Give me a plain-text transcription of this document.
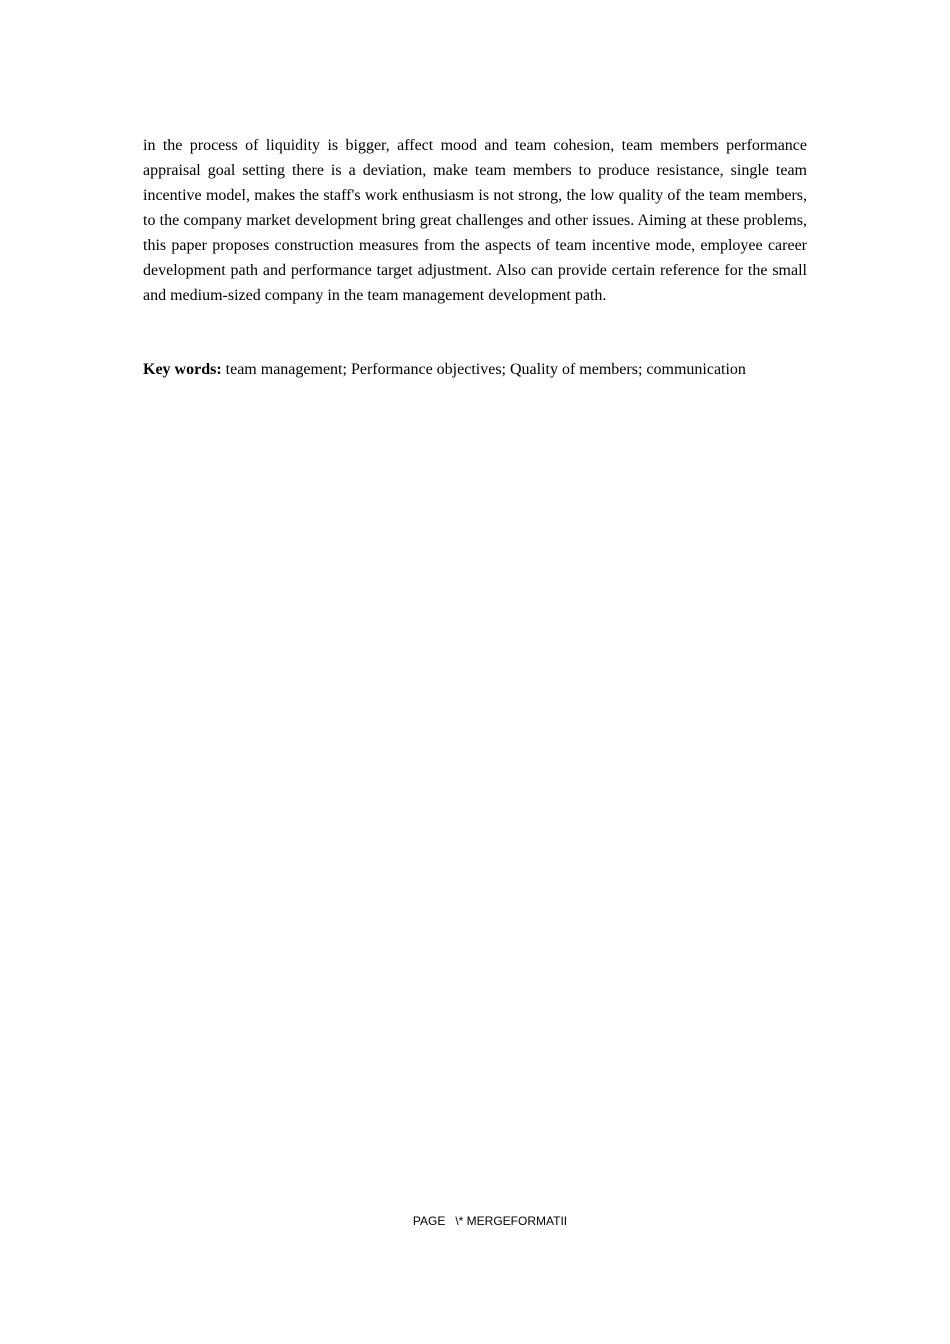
in the process of liquidity is bigger, affect mood and team cohesion, team members performance appraisal goal setting there is a deviation, make team members to produce resistance, single team incentive model, makes the staff's work enthusiasm is not strong, the low quality of the team members, to the company market development bring great challenges and other issues. Aiming at these problems, this paper proposes construction measures from the aspects of team incentive mode, employee career development path and performance target adjustment. Also can provide certain reference for the small and medium-sized company in the team management development path.

Key words: team management; Performance objectives; Quality of members; communication

PAGE   \* MERGEFORMATII
